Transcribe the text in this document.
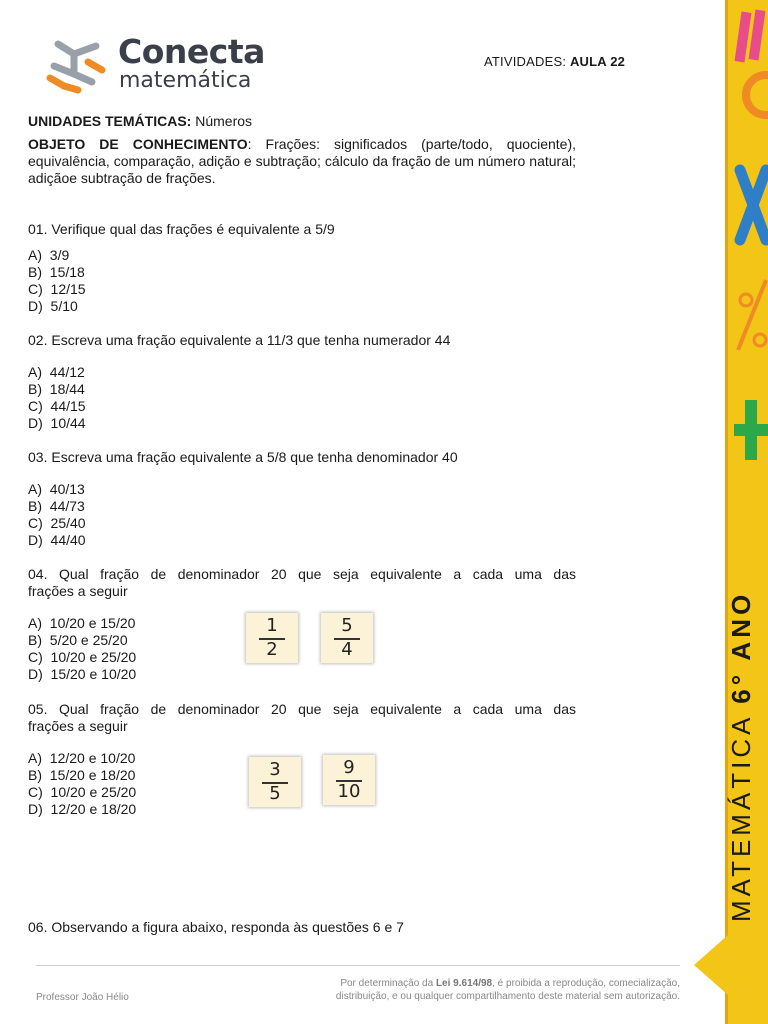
MATEMÁTICA 6° ANO
Conecta
matemática
ATIVIDADES: AULA 22
UNIDADES TEMÁTICAS: Números
OBJETO DE CONHECIMENTO: Frações: significados (parte/todo, quociente), equivalência, comparação, adição e subtração; cálculo da fração de um número natural; adiçãoe subtração de frações.
01. Verifique qual das frações é equivalente a 5/9
A)  3/9
B)  15/18
C)  12/15
D)  5/10
02. Escreva uma fração equivalente a 11/3 que tenha numerador 44
A)  44/12
B)  18/44
C)  44/15
D)  10/44
03. Escreva uma fração equivalente a 5/8 que tenha denominador 40
A)  40/13
B)  44/73
C)  25/40
D)  44/40
04. Qual fração de denominador 20 que seja equivalente a cada uma das
frações a seguir
A)  10/20 e 15/20
B)  5/20 e 25/20
C)  10/20 e 25/20
D)  15/20 e 10/20
1
2
5
4
05. Qual fração de denominador 20 que seja equivalente a cada uma das
frações a seguir
A)  12/20 e 10/20
B)  15/20 e 18/20
C)  10/20 e 25/20
D)  12/20 e 18/20
3
5
9
10
06. Observando a figura abaixo, responda às questões 6 e 7
Professor João Hélio
Por determinação da Lei 9.614/98, é proibida a reprodução, comecialização,
distribuição, e ou qualquer compartilhamento deste material sem autorização.
